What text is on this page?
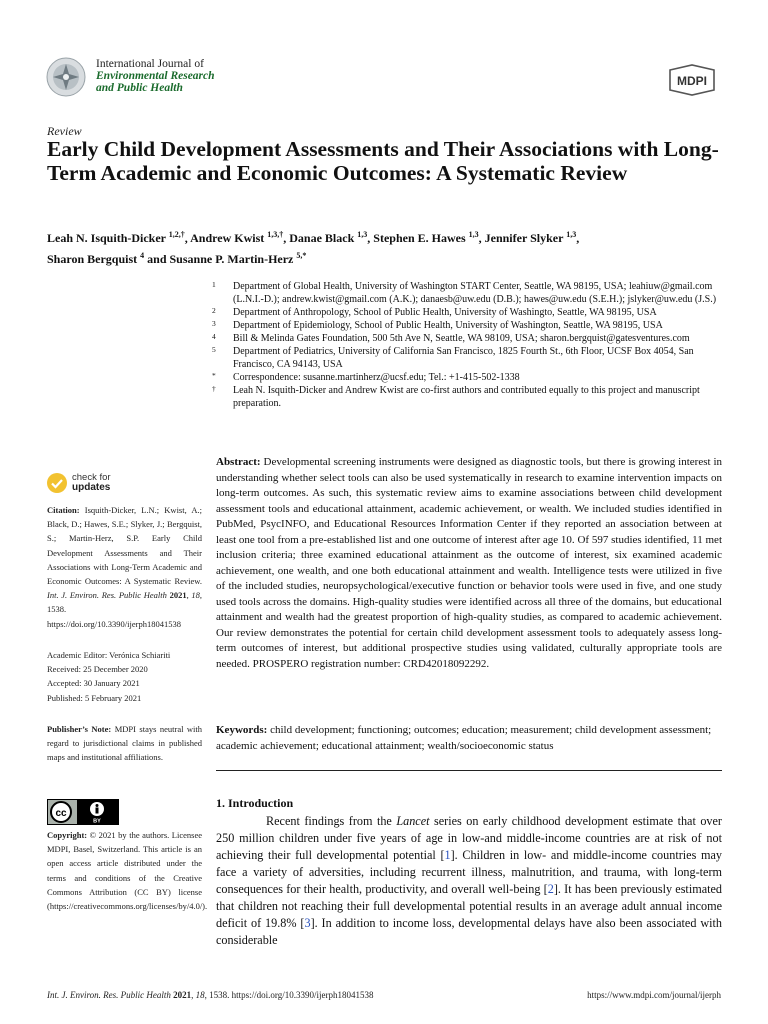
International Journal of
Environmental Research
and Public Health	MDPI
Review
Early Child Development Assessments and Their Associations with Long-Term Academic and Economic Outcomes: A Systematic Review
Leah N. Isquith-Dicker $^{1,2,\dagger}$, Andrew Kwist $^{1,3,\dagger}$, Danae Black $^{1,3}$, Stephen E. Hawes $^{1,3}$, Jennifer Slyker $^{1,3}$,
Sharon Bergquist $^4$ and Susanne P. Martin-Herz $^{5,*}$
1	Department of Global Health, University of Washington START Center, Seattle, WA 98195, USA; leahiuw@gmail.com (L.N.I.-D.); andrew.kwist@gmail.com (A.K.); danaesb@uw.edu (D.B.); hawes@uw.edu (S.E.H.); jslyker@uw.edu (J.S.)
2	Department of Anthropology, School of Public Health, University of Washingto, Seattle, WA 98195, USA
3	Department of Epidemiology, School of Public Health, University of Washington, Seattle, WA 98195, USA
4	Bill & Melinda Gates Foundation, 500 5th Ave N, Seattle, WA 98109, USA; sharon.bergquist@gatesventures.com
5	Department of Pediatrics, University of California San Francisco, 1825 Fourth St., 6th Floor, UCSF Box 4054, San Francisco, CA 94143, USA
*	Correspondence: susanne.martinherz@ucsf.edu; Tel.: +1-415-502-1338
†	Leah N. Isquith-Dicker and Andrew Kwist are co-first authors and contributed equally to this project and manuscript preparation.
check for
updates
Citation: Isquith-Dicker, L.N.; Kwist, A.; Black, D.; Hawes, S.E.; Slyker, J.; Bergquist, S.; Martin-Herz, S.P. Early Child Development Assessments and Their Associations with Long-Term Academic and Economic Outcomes: A Systematic Review. Int. J. Environ. Res. Public Health 2021, 18, 1538. https://doi.org/10.3390/ijerph18041538
Academic Editor: Verónica Schiariti
Received: 25 December 2020
Accepted: 30 January 2021
Published: 5 February 2021
Publisher’s Note: MDPI stays neutral with regard to jurisdictional claims in published maps and institutional affiliations.
cc
BY
Copyright: © 2021 by the authors. Licensee MDPI, Basel, Switzerland. This article is an open access article distributed under the terms and conditions of the Creative Commons Attribution (CC BY) license (https://creativecommons.org/licenses/by/4.0/).

Abstract: Developmental screening instruments were designed as diagnostic tools, but there is growing interest in understanding whether select tools can also be used systematically in research to examine intervention impacts on long-term outcomes. As such, this systematic review aims to examine associations between child development assessment tools and educational attainment, academic achievement, or wealth. We included studies identified in PubMed, PsycINFO, and Educational Resources Information Center if they reported an association between at least one tool from a pre-established list and one outcome of interest after age 10. Of 597 studies identified, 11 met inclusion criteria; three examined educational attainment as the outcome of interest, six examined academic achievement, one wealth, and one both educational attainment and wealth. Intelligence tests were utilized in five of the included studies, neuropsychological/executive function or behavior tools were used in five, and one study used tools across the domains. High-quality studies were identified across all three of the domains, but educational attainment and wealth had the greatest proportion of high-quality studies, as compared to academic achievement. Our review demonstrates the potential for certain child development assessment tools to adequately assess long-term outcomes of interest, but additional prospective studies using validated, culturally appropriate tools are needed. PROSPERO registration number: CRD42018092292.

Keywords: child development; functioning; outcomes; education; measurement; child development assessment; academic achievement; educational attainment; wealth/socioeconomic status

1. Introduction

Recent findings from the Lancet series on early childhood development estimate that over 250 million children under five years of age in low-and middle-income countries are at risk of not achieving their full developmental potential [1]. Children in low- and middle-income countries may face a variety of adversities, including recurrent illness, malnutrition, and trauma, with long-term consequences for their health, productivity, and overall well-being [2]. It has been previously estimated that children not reaching their full developmental potential results in an average adult annual income deficit of 19.8% [3]. In addition to income loss, developmental delays have also been associated with considerable

Int. J. Environ. Res. Public Health 2021, 18, 1538. https://doi.org/10.3390/ijerph18041538	https://www.mdpi.com/journal/ijerph
